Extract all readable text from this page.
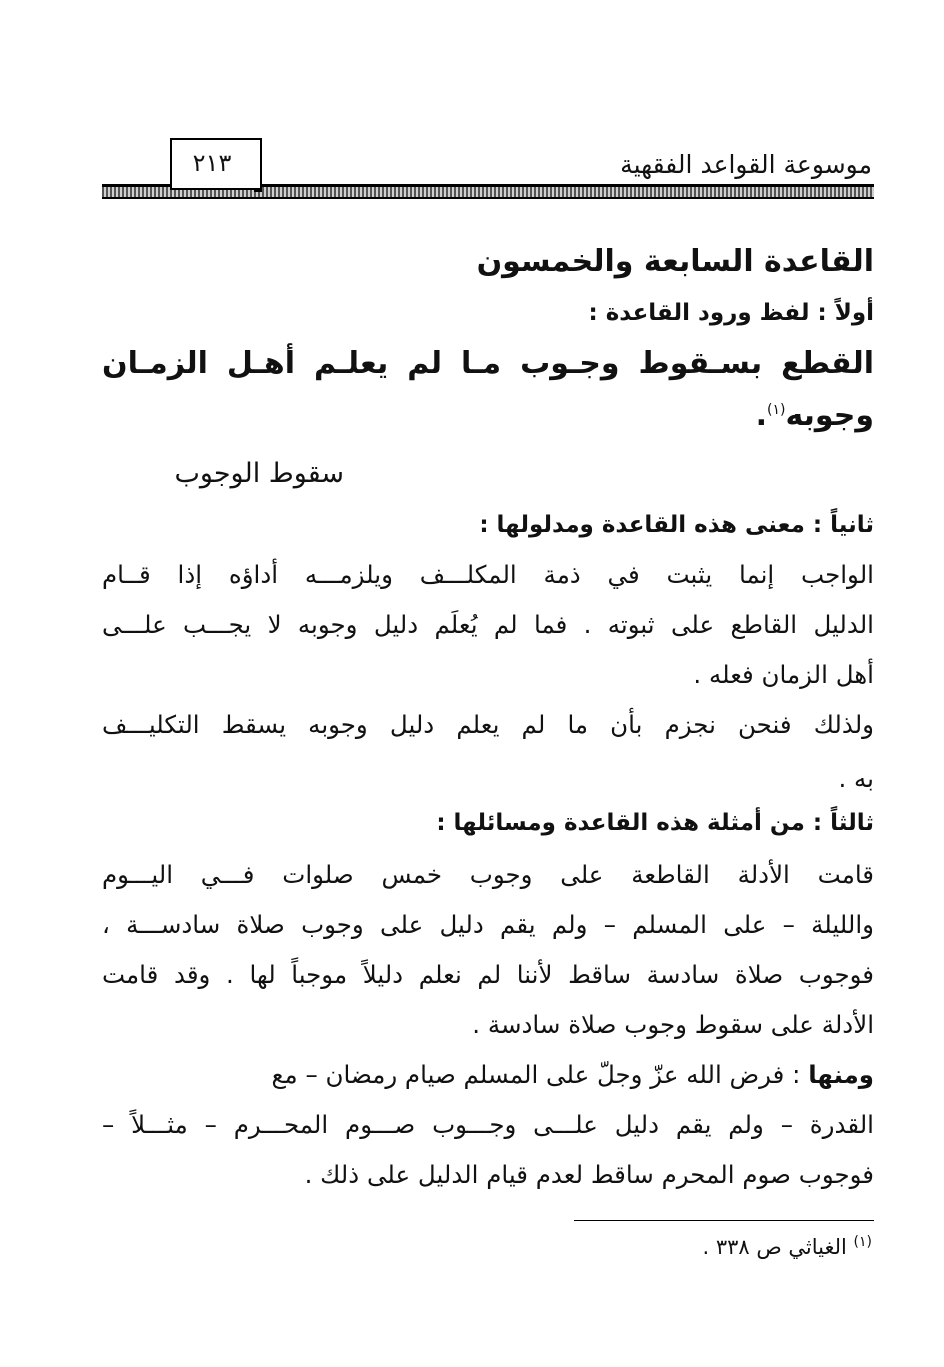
موسوعة القواعد الفقهية
٢١٣
القاعدة السابعة والخمسون
أولاً : لفظ ورود القاعدة :
القطع بسـقوط وجـوب مـا لم يعلـم أهـل الزمـان
وجوبه$^{(١)}$.
سقوط الوجوب
ثانياً : معنى هذه القاعدة ومدلولها :
الواجب إنما يثبت في ذمة المكلـــف ويلزمـــه أداؤه إذا قــام
الدليل القاطع على ثبوته . فما لم يُعلَم دليل وجوبه لا يجـــب علـــى
أهل الزمان فعله .
ولذلك فنحن نجزم بأن ما لم يعلم دليل وجوبه يسقط التكليـــف
به .
ثالثاً : من أمثلة هذه القاعدة ومسائلها :
قامت الأدلة القاطعة على وجوب خمس صلوات فـــي اليـــوم
والليلة – على المسلم – ولم يقم دليل على وجوب صلاة سادســـة ،
فوجوب صلاة سادسة ساقط لأننا لم نعلم دليلاً موجباً لها . وقد قامت
الأدلة على سقوط وجوب صلاة سادسة .
ومنها : فرض الله عزّ وجلّ على المسلم صيام رمضان – مع
القدرة – ولم يقم دليل علـــى وجـــوب صـــوم المحـــرم – مثـــلاً –
فوجوب صوم المحرم ساقط لعدم قيام الدليل على ذلك .
$^{(١)}$ الغياثي ص ٣٣٨ .
